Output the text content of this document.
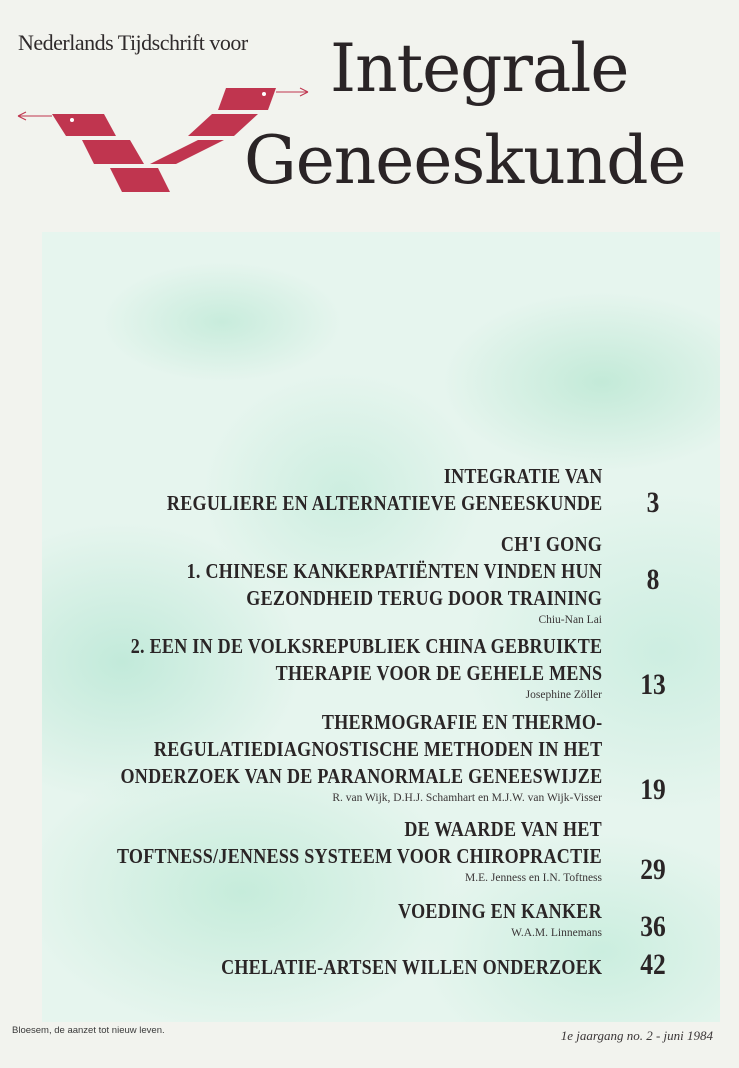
Nederlands Tijdschrift voor Integrale
Geneeskunde
INTEGRATIE VAN
REGULIERE EN ALTERNATIEVE GENEESKUNDE	3
CH'I GONG
1. CHINESE KANKERPATIËNTEN VINDEN HUN
GEZONDHEID TERUG DOOR TRAINING
Chiu-Nan Lai
8
2. EEN IN DE VOLKSREPUBLIEK CHINA GEBRUIKTE
THERAPIE VOOR DE GEHELE MENS
Josephine Zöller 13
THERMOGRAFIE EN THERMO-
REGULATIEDIAGNOSTISCHE METHODEN IN HET
ONDERZOEK VAN DE PARANORMALE GENEESWIJZE
R. van Wijk, D.H.J. Schamhart en M.J.W. van Wijk-Visser 19
DE WAARDE VAN HET
TOFTNESS/JENNESS SYSTEEM VOOR CHIROPRACTIE
M.E. Jenness en I.N. Toftness 29
VOEDING EN KANKER
W.A.M. Linnemans 36
CHELATIE-ARTSEN WILLEN ONDERZOEK 42
Bloesem, de aanzet tot nieuw leven.	1e jaargang no. 2 - juni 1984
